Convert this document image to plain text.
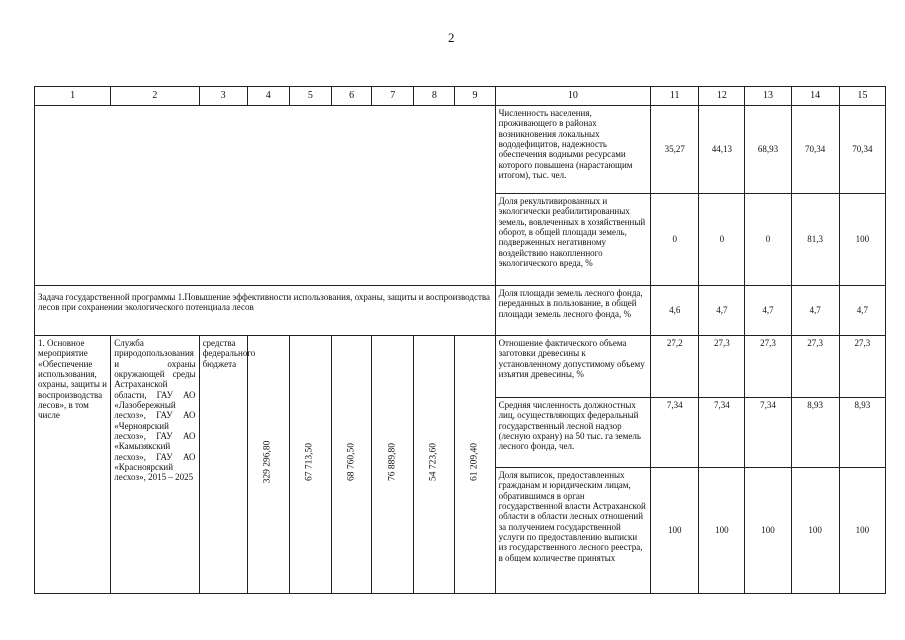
2
1	2	3	4	5	6	7	8	9	10	11	12	13	14	15
									Численность населения, проживающего в районах возникновения локальных вододефицитов, надежность обеспечения водными ресурсами которого повышена (нарастающим итогом), тыс. чел.	35,27	44,13	68,93	70,34	70,34
									Доля рекультивированных и экологически реабилитированных земель, вовлеченных в хозяйственный оборот, в общей площади земель, подверженных негативному воздействию накопленного экологического вреда, %	0	0	0	81,3	100
Задача государственной программы 1.Повышение эффективности использования, охраны, защиты и воспроизводства лесов при сохранении экологического потенциала лесов									Доля площади земель лесного фонда, переданных в пользование, в общей площади земель лесного фонда, %	4,6	4,7	4,7	4,7	4,7
1. Основное мероприятие «Обеспечение использования, охраны, защиты и воспроизводства лесов», в том числе	Служба природопользования и охраны окружающей среды Астраханской области, ГАУ АО «Лазобережный лесхоз», ГАУ АО «Черноярский лесхоз», ГАУ АО «Камызякский лесхоз», ГАУ АО «Красноярский лесхоз», 2015 – 2025	средства федерального бюджета	329 296,80	67 713,50	68 760,50	76 889,80	54 723,60	61 209,40	Отношение фактического объема заготовки древесины к установленному допустимому объему изъятия древесины, %	27,2	27,3	27,3	27,3	27,3
									Средняя численность должностных лиц, осуществляющих федеральный государственный лесной надзор (лесную охрану) на 50 тыс. га земель лесного фонда, чел.	7,34	7,34	7,34	8,93	8,93
									Доля выписок, предоставленных гражданам и юридическим лицам, обратившимся в орган государственной власти Астраханской области в области лесных отношений за получением государственной услуги по предоставлению выписки из государственного лесного реестра, в общем количестве принятых	100	100	100	100	100
